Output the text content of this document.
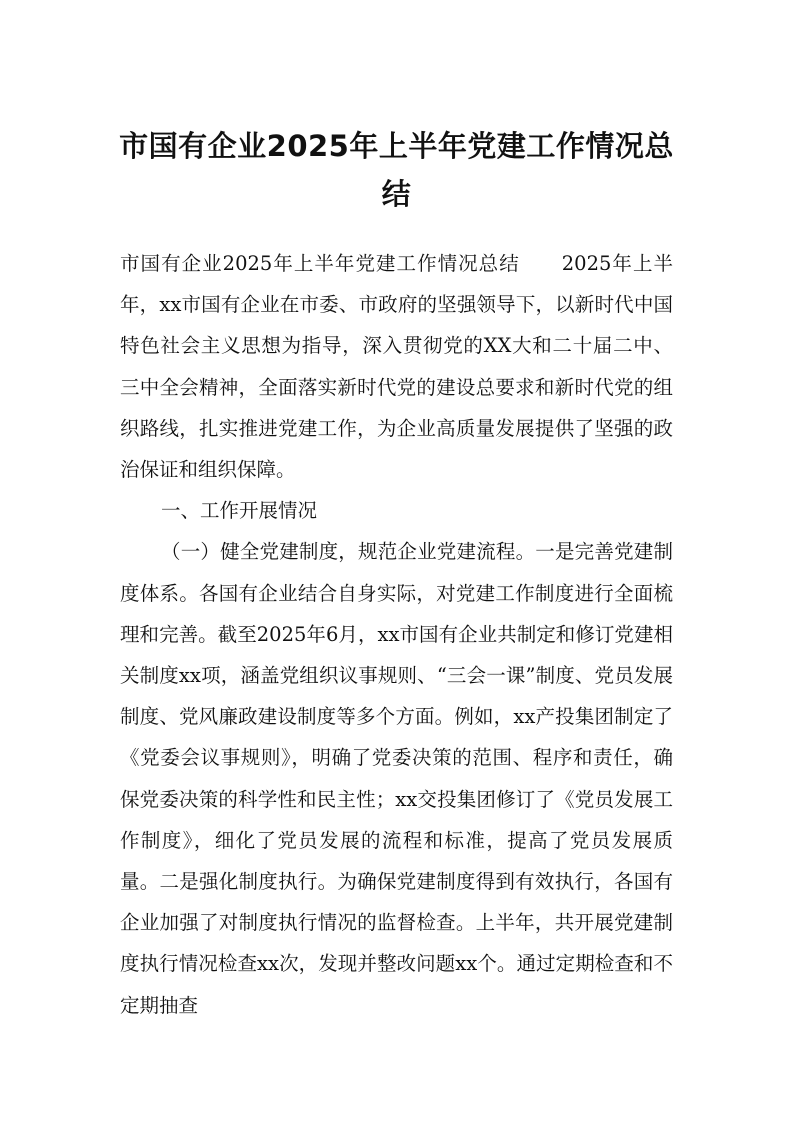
市国有企业2025年上半年党建工作情况总结

市国有企业2025年上半年党建工作情况总结 2025年上半年，xx市国有企业在市委、市政府的坚强领导下，以新时代中国特色社会主义思想为指导，深入贯彻党的XX大和二十届二中、三中全会精神，全面落实新时代党的建设总要求和新时代党的组织路线，扎实推进党建工作，为企业高质量发展提供了坚强的政治保证和组织保障。

一、工作开展情况

（一）健全党建制度，规范企业党建流程。一是完善党建制度体系。各国有企业结合自身实际，对党建工作制度进行全面梳理和完善。截至2025年6月，xx市国有企业共制定和修订党建相关制度xx项，涵盖党组织议事规则、“三会一课”制度、党员发展制度、党风廉政建设制度等多个方面。例如，xx产投集团制定了《党委会议事规则》，明确了党委决策的范围、程序和责任，确保党委决策的科学性和民主性；xx交投集团修订了《党员发展工作制度》，细化了党员发展的流程和标准，提高了党员发展质量。二是强化制度执行。为确保党建制度得到有效执行，各国有企业加强了对制度执行情况的监督检查。上半年，共开展党建制度执行情况检查xx次，发现并整改问题xx个。通过定期检查和不定期抽查
